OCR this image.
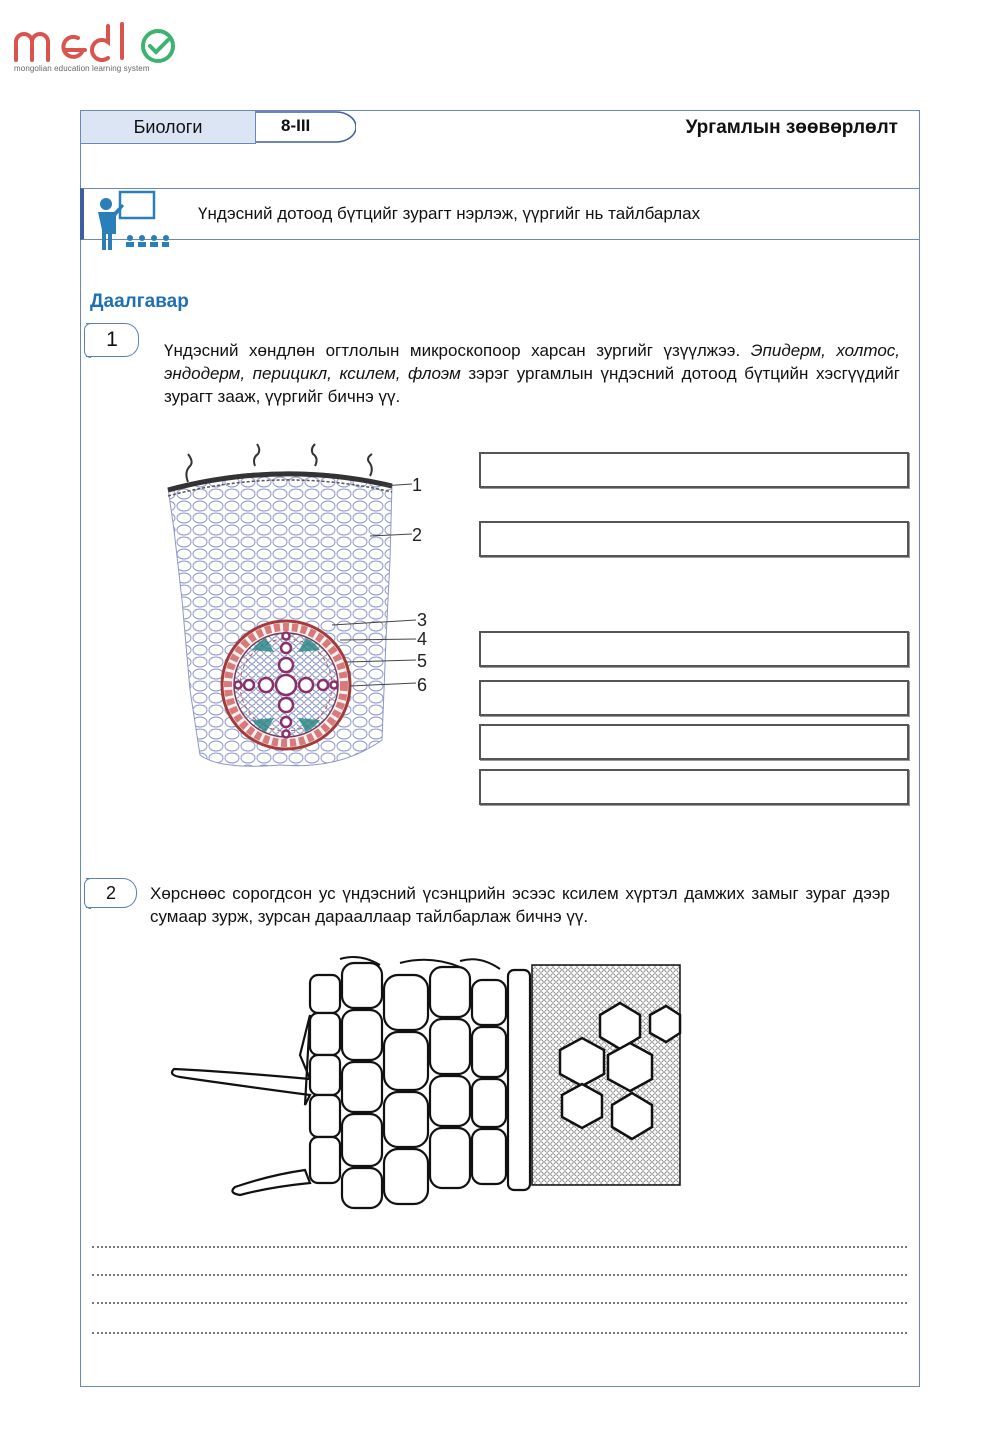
mongolian education learning system
Биологи	8-III	Ургамлын зөөвөрлөлт
Үндэсний дотоод бүтцийг зурагт нэрлэж, үүргийг нь тайлбарлах
Даалгавар
1	Үндэсний хөндлөн огтлолын микроскопоор харсан зургийг үзүүлжээ. Эпидерм, холтос, эндодерм, перицикл, ксилем, флоэм зэрэг ургамлын үндэсний дотоод бүтцийн хэсгүүдийг зурагт зааж, үүргийг бичнэ үү.
1
2
3
4
5
6
2	Хөрснөөс сорогдсон ус үндэсний үсэнцрийн эсээс ксилем хүртэл дамжих замыг зураг дээр сумаар зурж, зурсан дарааллаар тайлбарлаж бичнэ үү.
